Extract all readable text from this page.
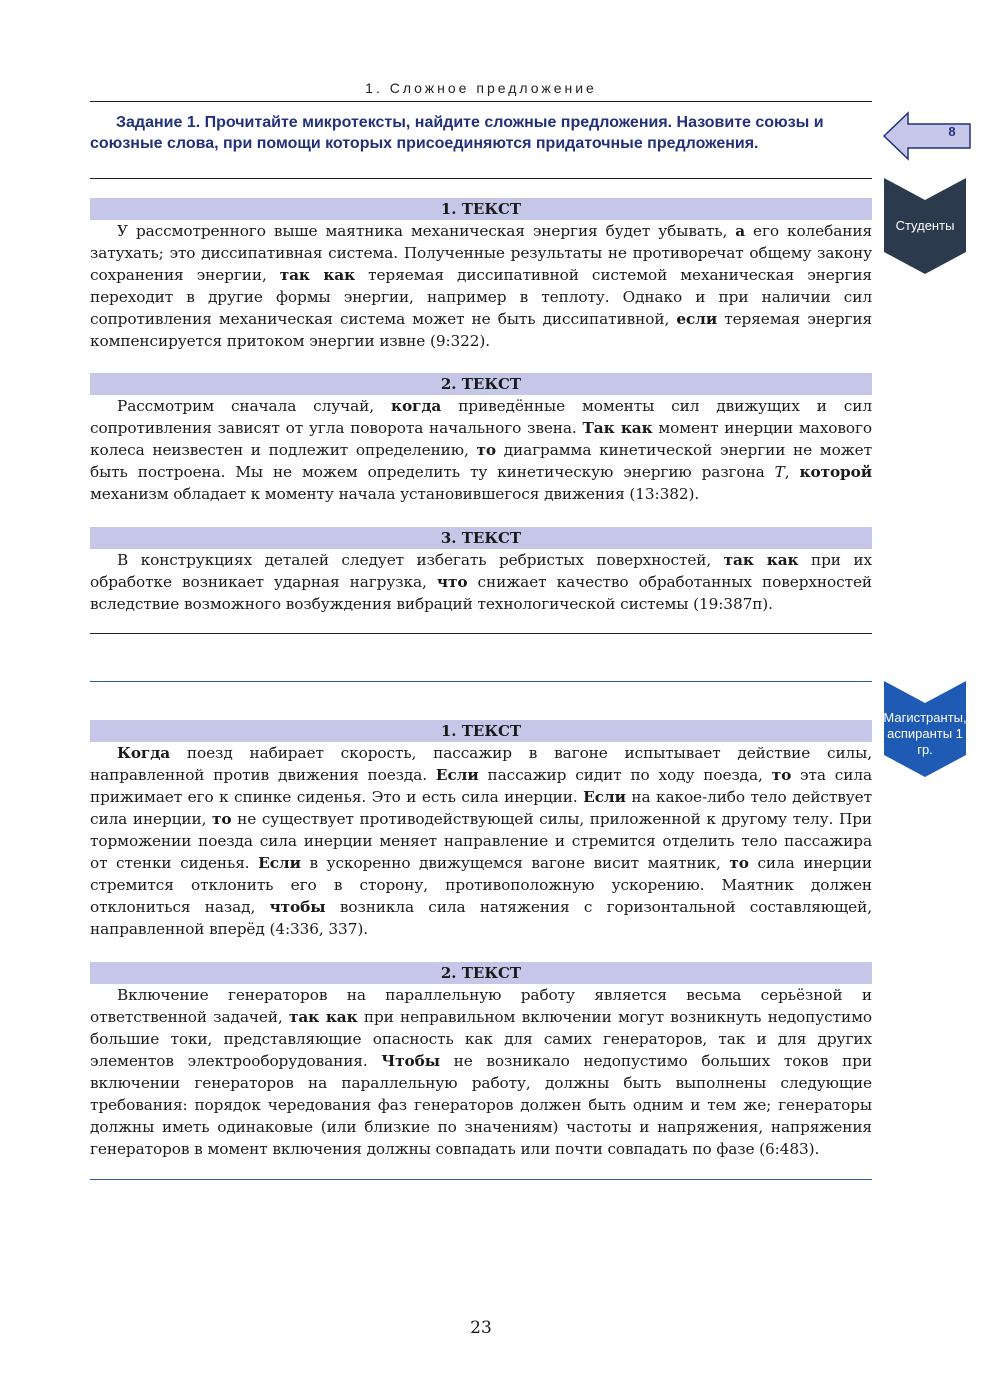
1. Сложное предложение
Задание 1. Прочитайте микротексты, найдите сложные предложения. Назовите союзы и союзные слова, при помощи которых присоединяются придаточные предложения.
8
Студенты
1. ТЕКСТ

У рассмотренного выше маятника механическая энергия будет убывать, а его колебания затухать; это диссипативная система. Полученные результаты не противоречат общему закону сохранения энергии, так как теряемая диссипативной системой механическая энергия переходит в другие формы энергии, например в теплоту. Однако и при наличии сил сопротивления механическая система может не быть диссипативной, если теряемая энергия компенсируется притоком энергии извне (9:322).

2. ТЕКСТ

Рассмотрим сначала случай, когда приведённые моменты сил движущих и сил сопротивления зависят от угла поворота начального звена. Так как момент инерции махового колеса неизвестен и подлежит определению, то диаграмма кинетической энергии не может быть построена. Мы не можем определить ту кинетическую энергию разгона T, которой механизм обладает к моменту начала установившегося движения (13:382).

3. ТЕКСТ

В конструкциях деталей следует избегать ребристых поверхностей, так как при их обработке возникает ударная нагрузка, что снижает качество обработанных поверхностей вследствие возможного возбуждения вибраций технологической системы (19:387п).

Магистранты, аспиранты 1 гр.
1. ТЕКСТ

Когда поезд набирает скорость, пассажир в вагоне испытывает действие силы, направленной против движения поезда. Если пассажир сидит по ходу поезда, то эта сила прижимает его к спинке сиденья. Это и есть сила инерции. Если на какое-либо тело действует сила инерции, то не существует противодействующей силы, приложенной к другому телу. При торможении поезда сила инерции меняет направление и стремится отделить тело пассажира от стенки сиденья. Если в ускоренно движущемся вагоне висит маятник, то сила инерции стремится отклонить его в сторону, противоположную ускорению. Маятник должен отклониться назад, чтобы возникла сила натяжения с горизонтальной составляющей, направленной вперёд (4:336, 337).

2. ТЕКСТ

Включение генераторов на параллельную работу является весьма серьёзной и ответственной задачей, так как при неправильном включении могут возникнуть недопустимо большие токи, представляющие опасность как для самих генераторов, так и для других элементов электрооборудования. Чтобы не возникало недопустимо больших токов при включении генераторов на параллельную работу, должны быть выполнены следующие требования: порядок чередования фаз генераторов должен быть одним и тем же; генераторы должны иметь одинаковые (или близкие по значениям) частоты и напряжения, напряжения генераторов в момент включения должны совпадать или почти совпадать по фазе (6:483).

23
